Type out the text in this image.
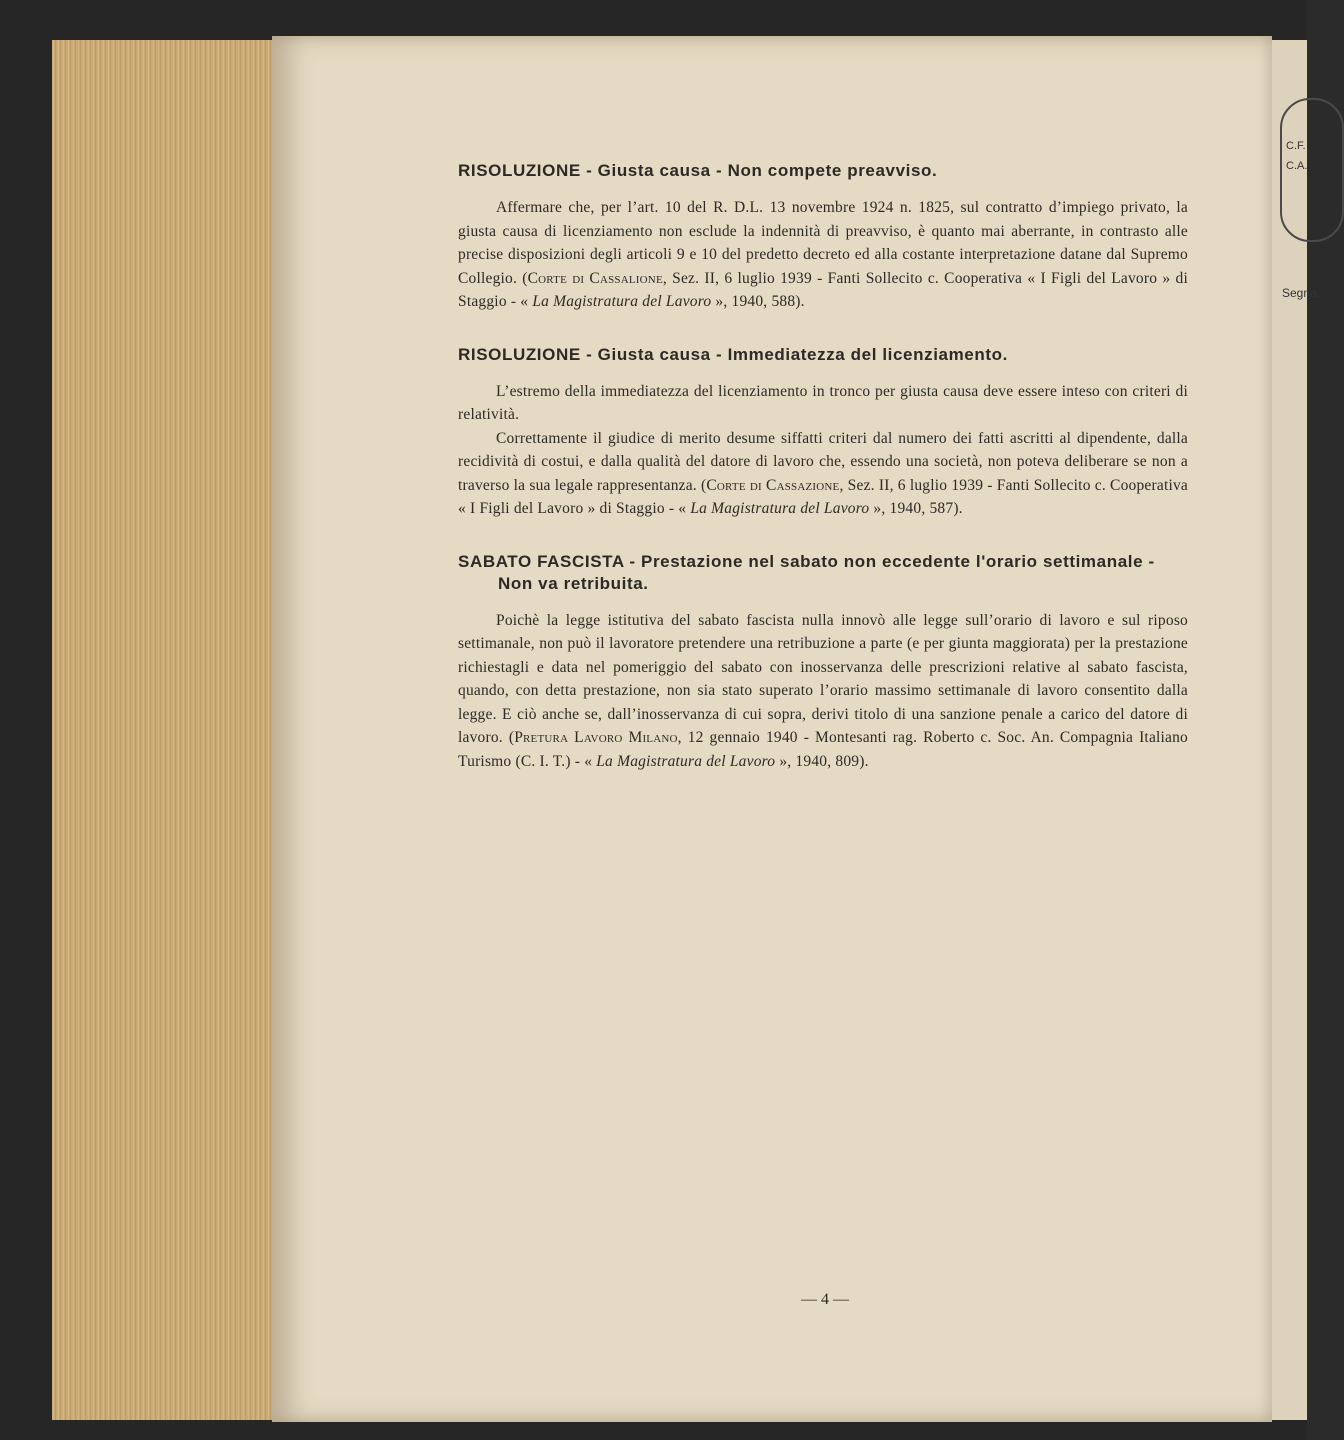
C.F. C.A.
Segna
RISOLUZIONE - Giusta causa - Non compete preavviso.

Affermare che, per l’art. 10 del R. D.L. 13 novembre 1924 n. 1825, sul contratto d’impiego privato, la giusta causa di licenziamento non esclude la indennità di preavviso, è quanto mai aberrante, in contrasto alle precise disposizioni degli articoli 9 e 10 del predetto decreto ed alla costante interpretazione datane dal Supremo Collegio. (Corte di Cassalione, Sez. II, 6 luglio 1939 - Fanti Sollecito c. Cooperativa « I Figli del Lavoro » di Staggio - « La Magistratura del Lavoro », 1940, 588).

RISOLUZIONE - Giusta causa - Immediatezza del licenziamento.

L’estremo della immediatezza del licenziamento in tronco per giusta causa deve essere inteso con criteri di relatività.

Correttamente il giudice di merito desume siffatti criteri dal numero dei fatti ascritti al dipendente, dalla recidività di costui, e dalla qualità del datore di lavoro che, essendo una società, non poteva deliberare se non a traverso la sua legale rappresentanza. (Corte di Cassazione, Sez. II, 6 luglio 1939 - Fanti Sollecito c. Cooperativa « I Figli del Lavoro » di Staggio - « La Magistratura del Lavoro », 1940, 587).

SABATO FASCISTA - Prestazione nel sabato non eccedente l'orario settimanale -
Non va retribuita.

Poichè la legge istitutiva del sabato fascista nulla innovò alle legge sull’orario di lavoro e sul riposo settimanale, non può il lavoratore pretendere una retribuzione a parte (e per giunta maggiorata) per la prestazione richiestagli e data nel pomeriggio del sabato con inosservanza delle prescrizioni relative al sabato fascista, quando, con detta prestazione, non sia stato superato l’orario massimo settimanale di lavoro consentito dalla legge. E ciò anche se, dall’inosservanza di cui sopra, derivi titolo di una sanzione penale a carico del datore di lavoro. (Pretura Lavoro Milano, 12 gennaio 1940 - Montesanti rag. Roberto c. Soc. An. Compagnia Italiano Turismo (C. I. T.) - « La Magistratura del Lavoro », 1940, 809).

— 4 —
